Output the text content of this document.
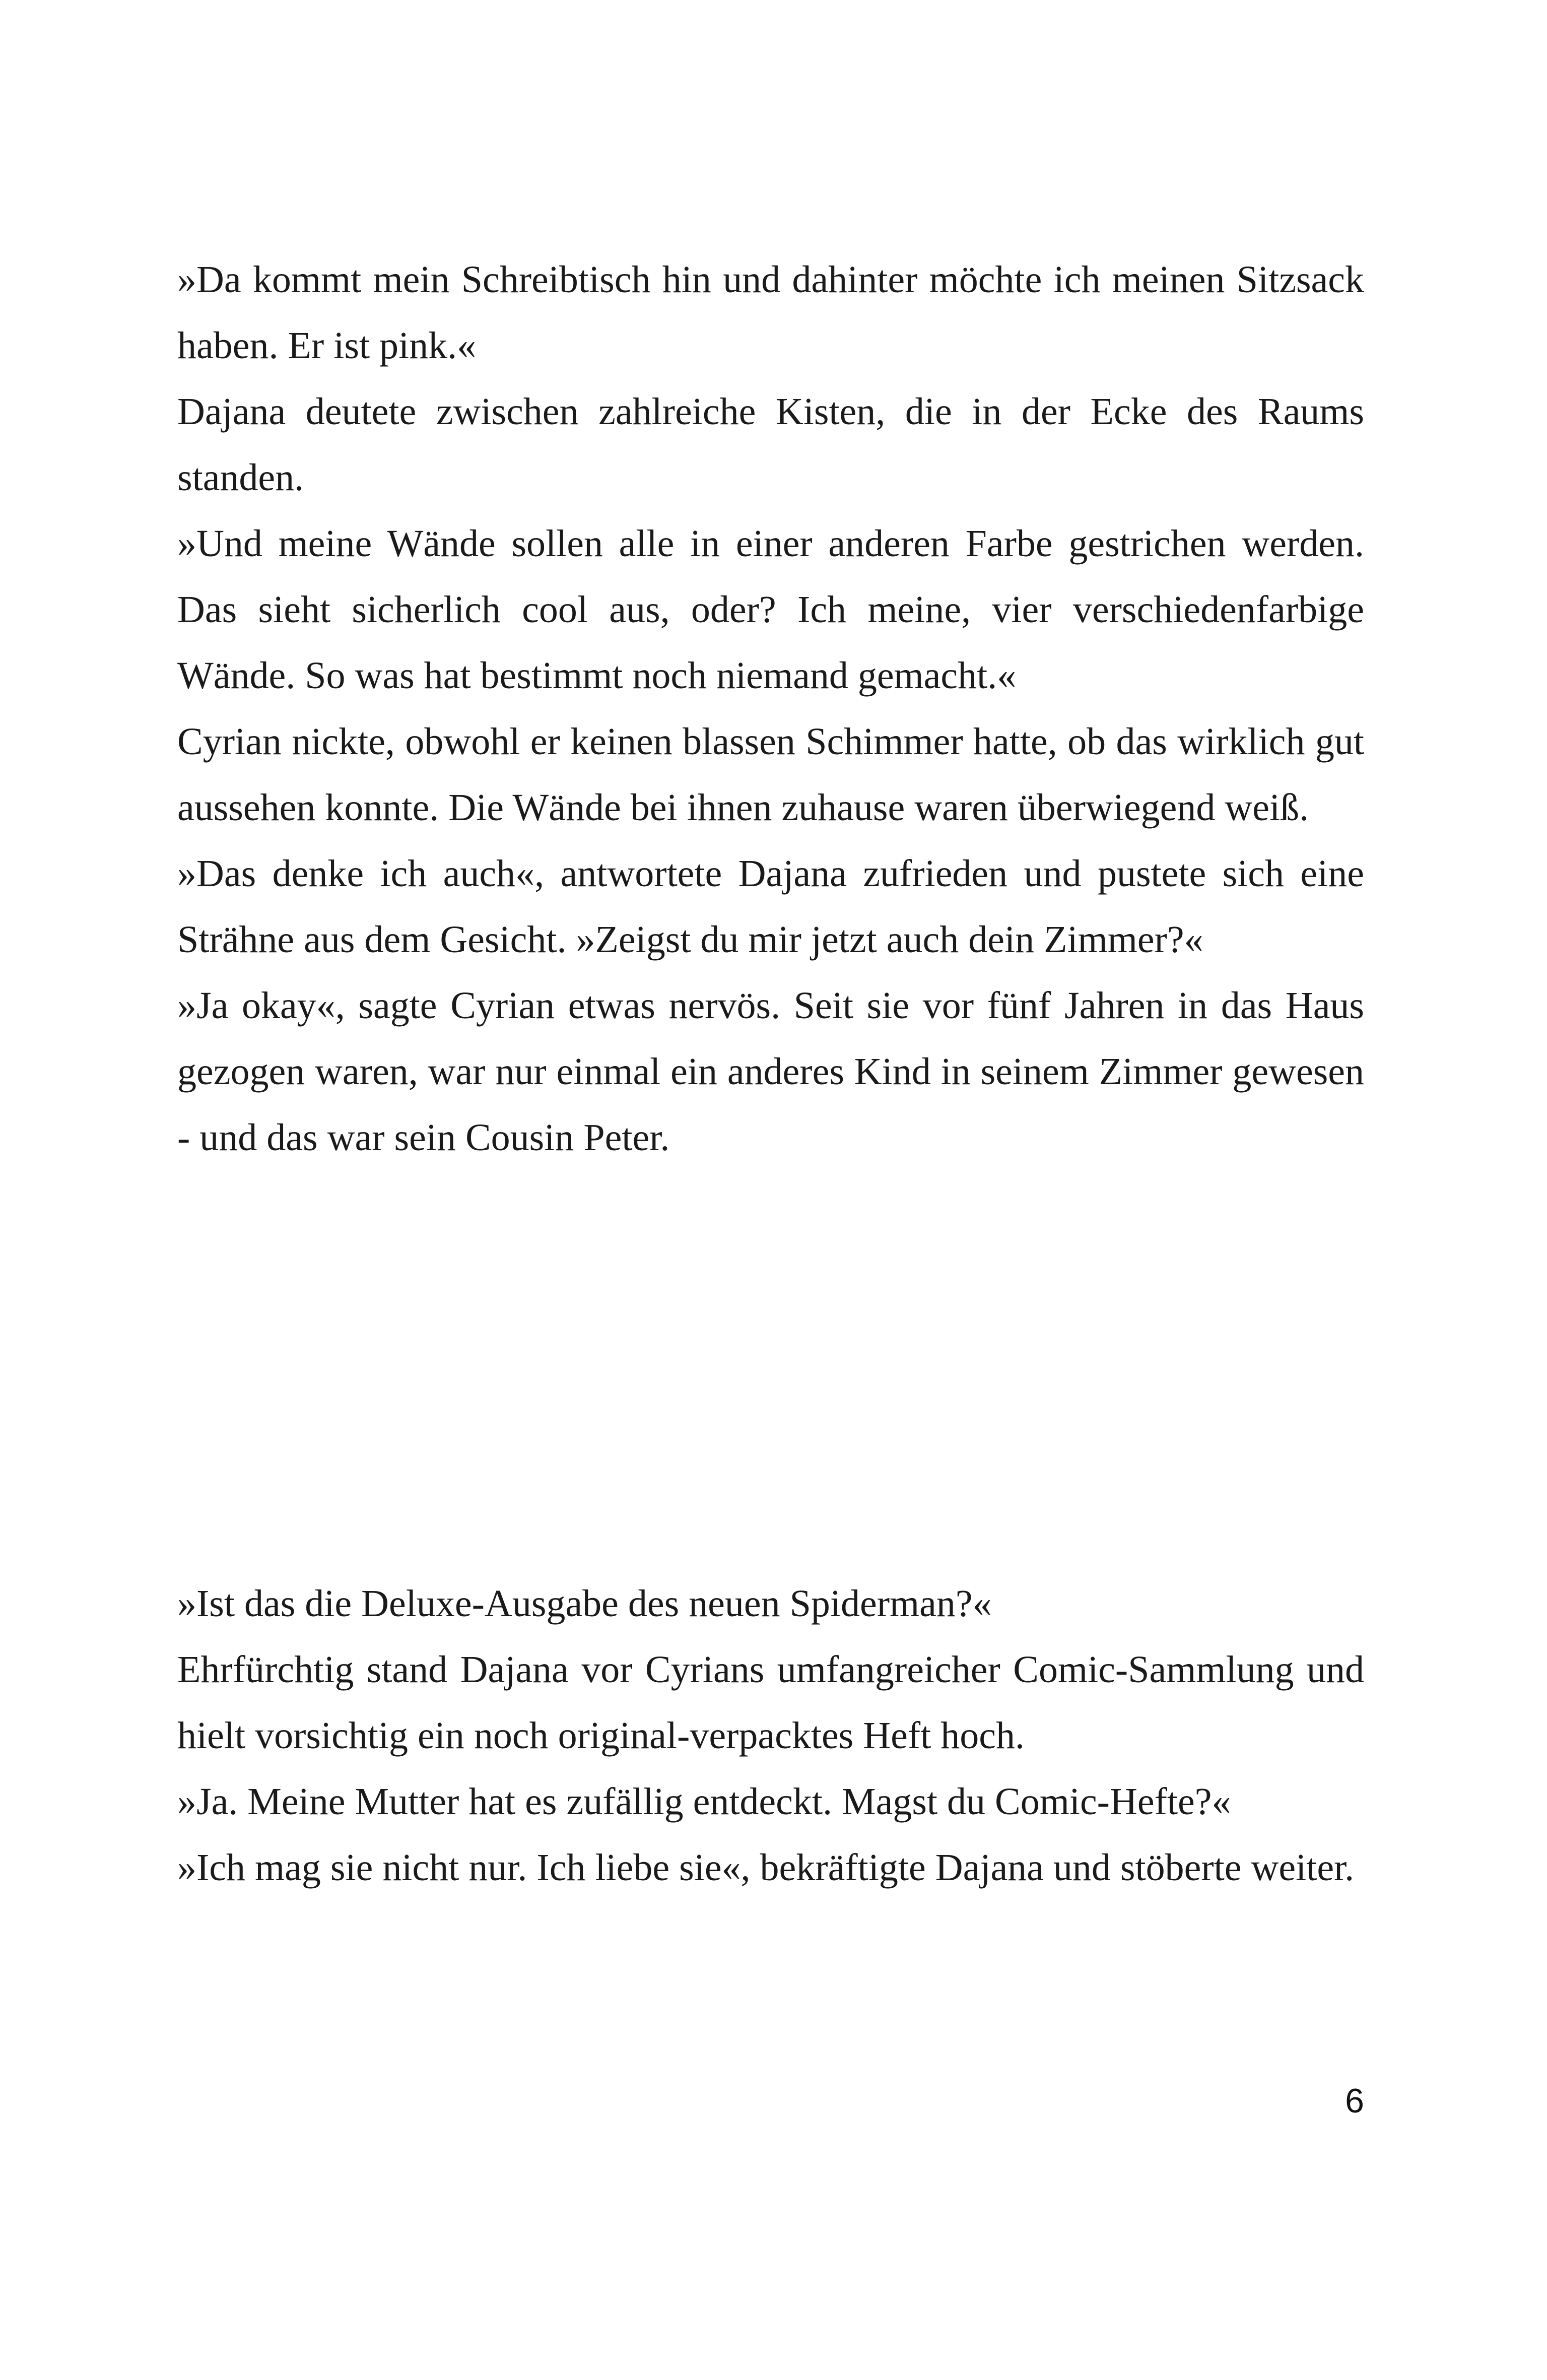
»Da kommt mein Schreibtisch hin und dahinter möchte ich meinen Sitzsack haben. Er ist pink.«

Dajana deutete zwischen zahlreiche Kisten, die in der Ecke des Raums standen.

»Und meine Wände sollen alle in einer anderen Farbe gestrichen werden. Das sieht sicherlich cool aus, oder? Ich meine, vier verschiedenfarbige Wände. So was hat bestimmt noch niemand gemacht.«

Cyrian nickte, obwohl er keinen blassen Schimmer hatte, ob das wirklich gut aussehen konnte. Die Wände bei ihnen zuhause waren überwiegend weiß.

»Das denke ich auch«, antwortete Dajana zufrieden und pustete sich eine Strähne aus dem Gesicht. »Zeigst du mir jetzt auch dein Zimmer?«

»Ja okay«, sagte Cyrian etwas nervös. Seit sie vor fünf Jahren in das Haus gezogen waren, war nur einmal ein anderes Kind in seinem Zimmer gewesen - und das war sein Cousin Peter.

»Ist das die Deluxe-Ausgabe des neuen Spiderman?«

Ehrfürchtig stand Dajana vor Cyrians umfangreicher Comic-Sammlung und hielt vorsichtig ein noch original-verpacktes Heft hoch.

»Ja. Meine Mutter hat es zufällig entdeckt. Magst du Comic-Hefte?«

»Ich mag sie nicht nur. Ich liebe sie«, bekräftigte Dajana und stöberte weiter.

6
